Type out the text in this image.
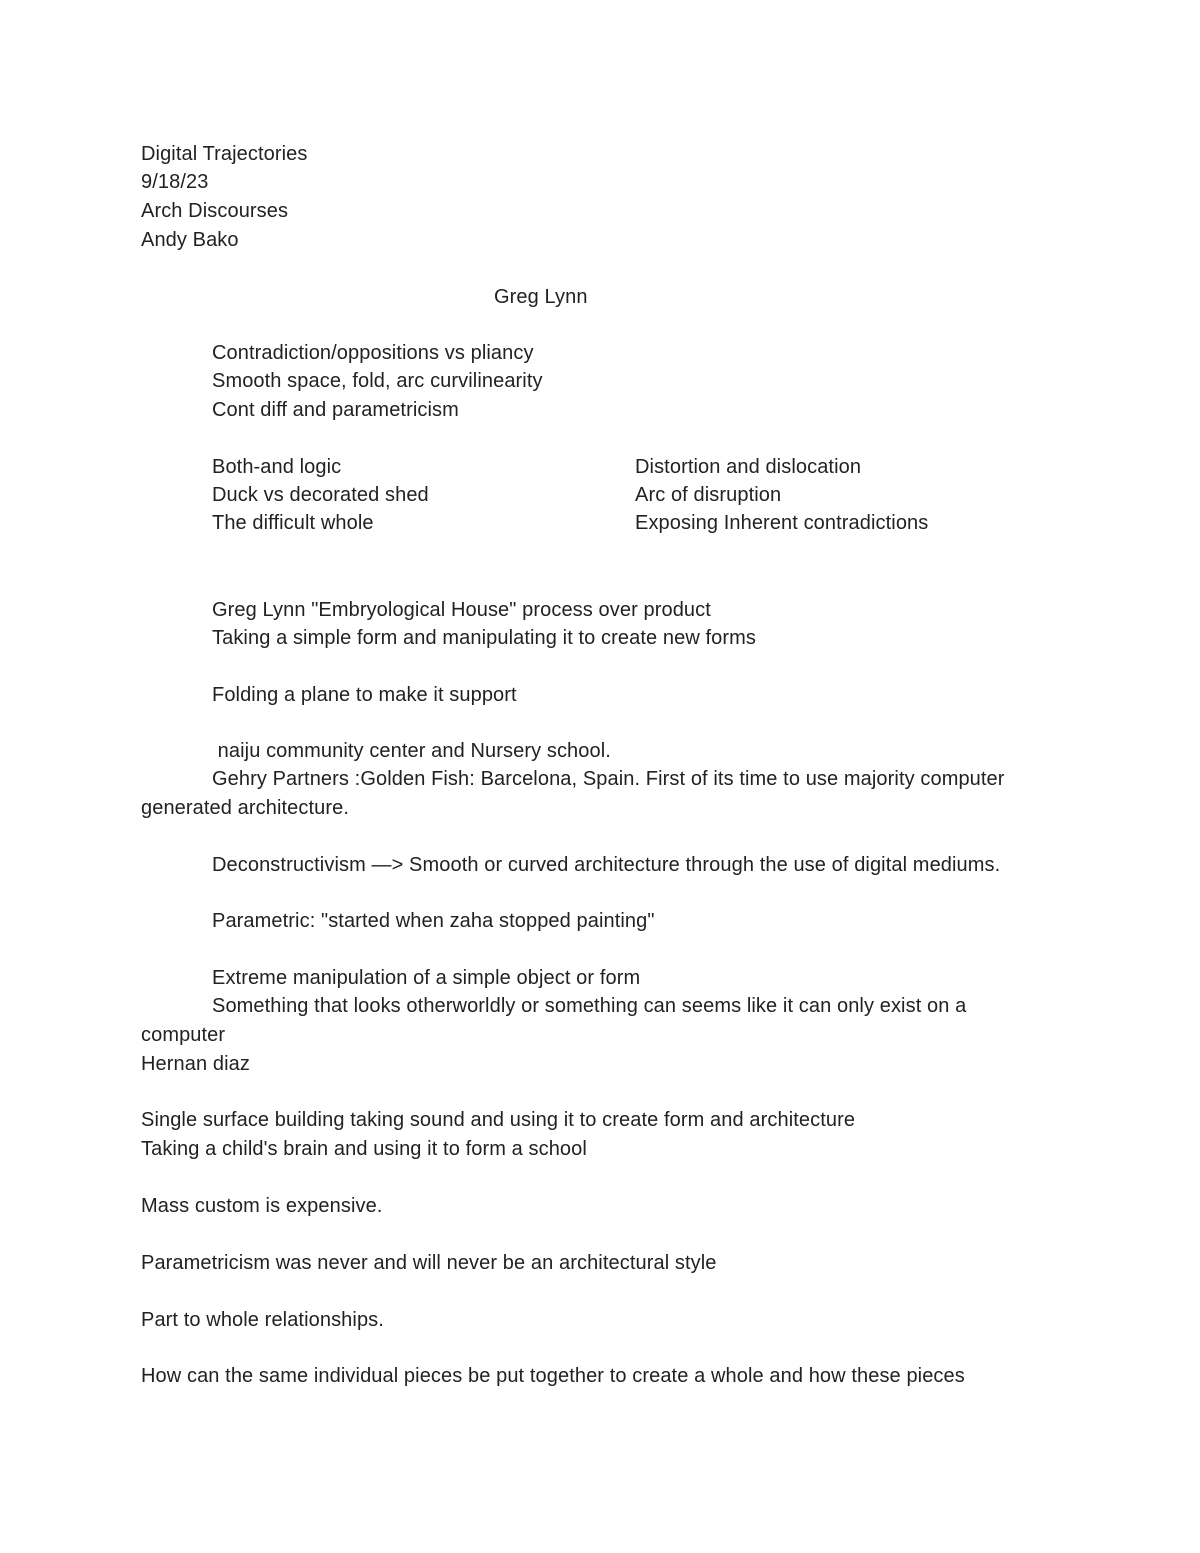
Digital Trajectories
9/18/23
Arch Discourses
Andy Bako
Greg Lynn
Contradiction/oppositions vs pliancy
Smooth space, fold, arc curvilinearity
Cont diff and parametricism
Both-and logic
Duck vs decorated shed
The difficult whole
Distortion and dislocation
Arc of disruption
Exposing Inherent contradictions
Greg Lynn "Embryological House" process over product
Taking a simple form and manipulating it to create new forms
Folding a plane to make it support
naiju community center and Nursery school.
Gehry Partners :Golden Fish: Barcelona, Spain. First of its time to use majority computer
generated architecture.
Deconstructivism —> Smooth or curved architecture through the use of digital mediums.
Parametric: "started when zaha stopped painting"
Extreme manipulation of a simple object or form
Something that looks otherworldly or something can seems like it can only exist on a
computer
Hernan diaz
Single surface building taking sound and using it to create form and architecture
Taking a child's brain and using it to form a school
Mass custom is expensive.
Parametricism was never and will never be an architectural style
Part to whole relationships.
How can the same individual pieces be put together to create a whole and how these pieces
